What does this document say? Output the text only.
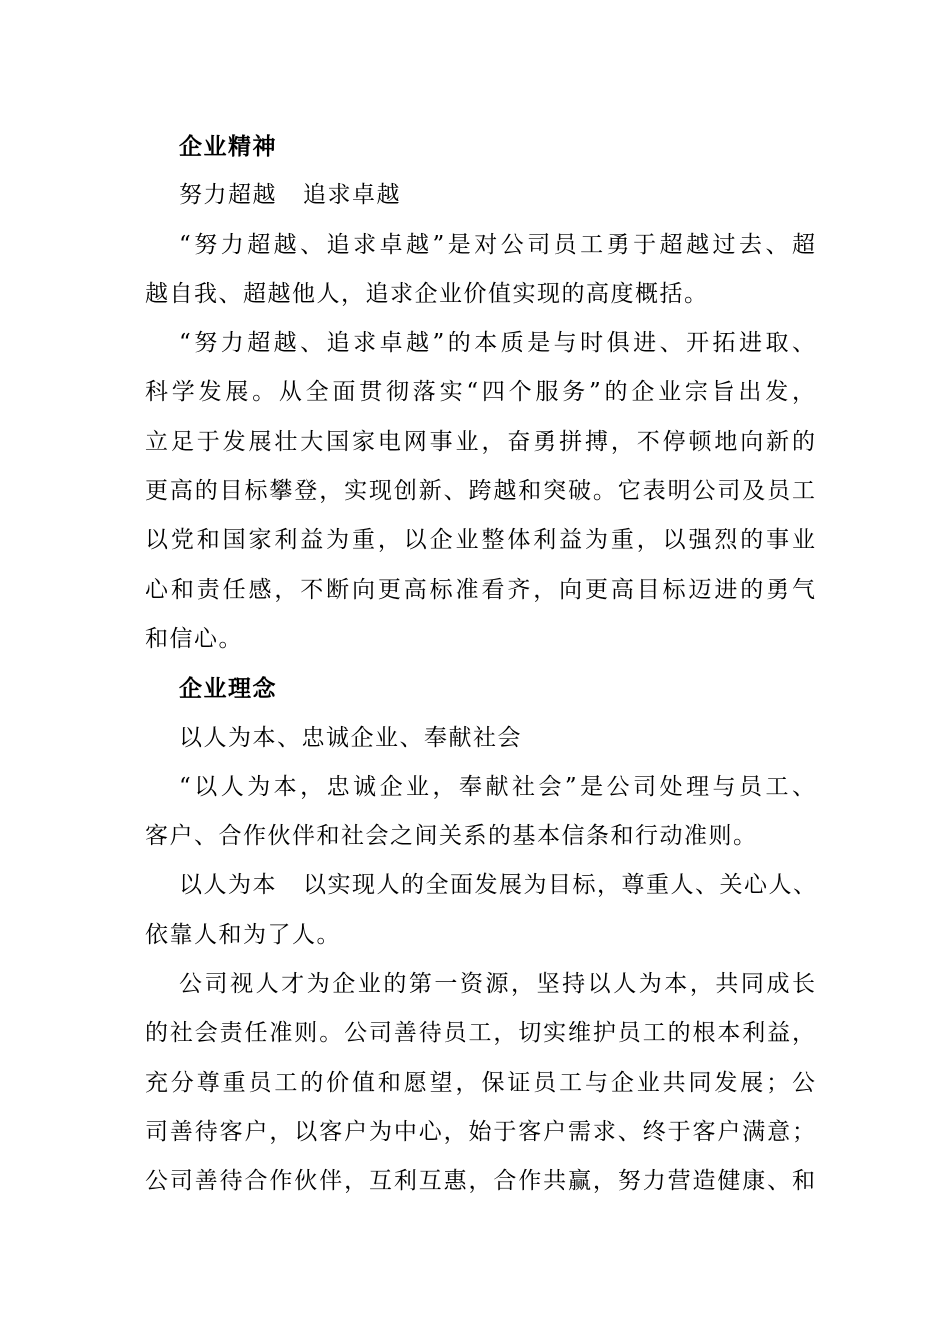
企业精神
努力超越 追求卓越
“努力超越、追求卓越”是对公司员工勇于超越过去、超
越自我、超越他人，追求企业价值实现的高度概括。
“努力超越、追求卓越”的本质是与时俱进、开拓进取、
科学发展。从全面贯彻落实“四个服务”的企业宗旨出发，
立足于发展壮大国家电网事业，奋勇拼搏，不停顿地向新的
更高的目标攀登，实现创新、跨越和突破。它表明公司及员工
以党和国家利益为重，以企业整体利益为重，以强烈的事业
心和责任感，不断向更高标准看齐，向更高目标迈进的勇气
和信心。
企业理念
以人为本、忠诚企业、奉献社会
“以人为本，忠诚企业，奉献社会”是公司处理与员工、
客户、合作伙伴和社会之间关系的基本信条和行动准则。
以人为本 以实现人的全面发展为目标，尊重人、关心人、
依靠人和为了人。
公司视人才为企业的第一资源，坚持以人为本，共同成长
的社会责任准则。公司善待员工，切实维护员工的根本利益，
充分尊重员工的价值和愿望，保证员工与企业共同发展；公
司善待客户，以客户为中心，始于客户需求、终于客户满意；
公司善待合作伙伴，互利互惠，合作共赢，努力营造健康、和
